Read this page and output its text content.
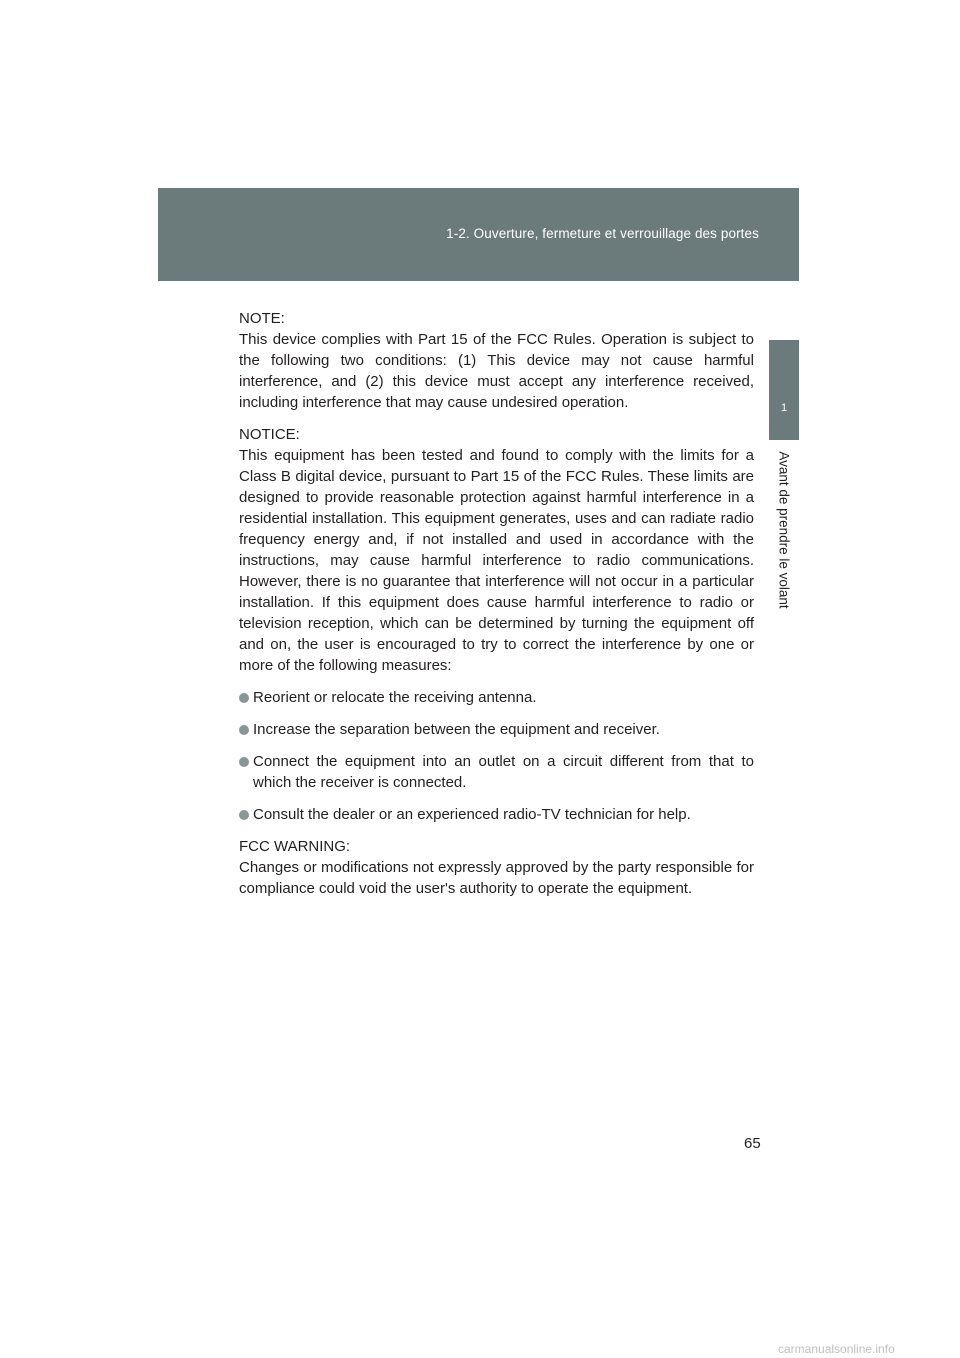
1-2. Ouverture, fermeture et verrouillage des portes
1
Avant de prendre le volant

NOTE:
This device complies with Part 15 of the FCC Rules. Operation is subject to the following two conditions: (1) This device may not cause harmful interference, and (2) this device must accept any interference received, including interference that may cause undesired operation.

NOTICE:
This equipment has been tested and found to comply with the limits for a Class B digital device, pursuant to Part 15 of the FCC Rules. These limits are designed to provide reasonable protection against harmful interference in a residential installation. This equipment generates, uses and can radiate radio frequency energy and, if not installed and used in accordance with the instructions, may cause harmful interference to radio communications. However, there is no guarantee that interference will not occur in a particular installation. If this equipment does cause harmful interference to radio or television reception, which can be determined by turning the equipment off and on, the user is encouraged to try to correct the interference by one or more of the following measures:

Reorient or relocate the receiving antenna.
Increase the separation between the equipment and receiver.
Connect the equipment into an outlet on a circuit different from that to which the receiver is connected.
Consult the dealer or an experienced radio-TV technician for help.

FCC WARNING:
Changes or modifications not expressly approved by the party responsible for compliance could void the user's authority to operate the equipment.

65
carmanualsonline.info
